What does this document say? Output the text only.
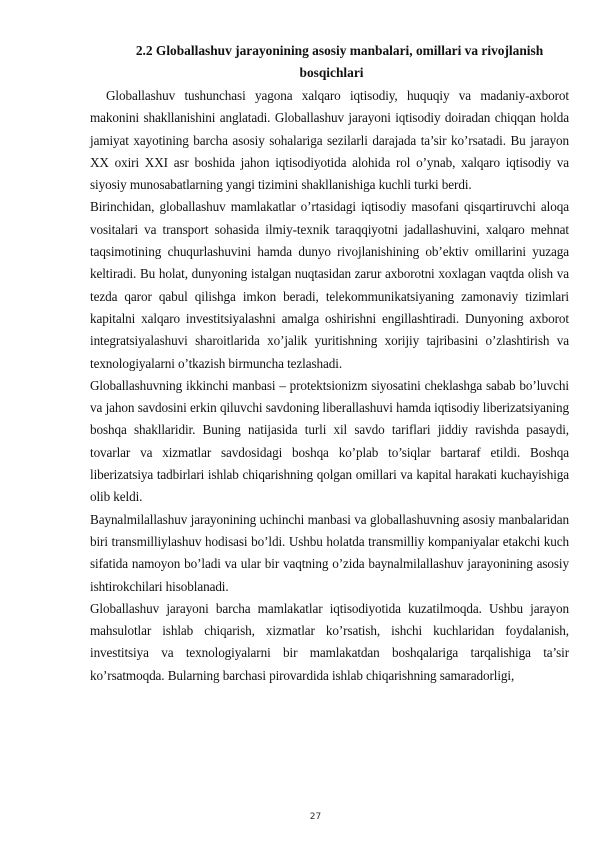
2.2 Globallashuv jarayonining asosiy manbalari, omillari va rivojlanish
bosqichlari

Globallashuv tushunchasi yagona xalqaro iqtisodiy, huquqiy va madaniy-axborot makonini shakllanishini anglatadi. Globallashuv jarayoni iqtisodiy doiradan chiqqan holda jamiyat xayotining barcha asosiy sohalariga sezilarli darajada ta’sir ko’rsatadi. Bu jarayon XX oxiri XXI asr boshida jahon iqtisodiyotida alohida rol o’ynab, xalqaro iqtisodiy va siyosiy munosabatlarning yangi tizimini shakllanishiga kuchli turki berdi.

Birinchidan, globallashuv mamlakatlar o’rtasidagi iqtisodiy masofani qisqartiruvchi aloqa vositalari va transport sohasida ilmiy-texnik taraqqiyotni jadallashuvini, xalqaro mehnat taqsimotining chuqurlashuvini hamda dunyo rivojlanishining ob’ektiv omillarini yuzaga keltiradi. Bu holat, dunyoning istalgan nuqtasidan zarur axborotni xoxlagan vaqtda olish va tezda qaror qabul qilishga imkon beradi, telekommunikatsiyaning zamonaviy tizimlari kapitalni xalqaro investitsiyalashni amalga oshirishni engillashtiradi. Dunyoning axborot integratsiyalashuvi sharoitlarida xo’jalik yuritishning xorijiy tajribasini o’zlashtirish va texnologiyalarni o’tkazish birmuncha tezlashadi.

Globallashuvning ikkinchi manbasi – protektsionizm siyosatini cheklashga sabab bo’luvchi va jahon savdosini erkin qiluvchi savdoning liberallashuvi hamda iqtisodiy liberizatsiyaning boshqa shakllaridir. Buning natijasida turli xil savdo tariflari jiddiy ravishda pasaydi, tovarlar va xizmatlar savdosidagi boshqa ko’plab to’siqlar bartaraf etildi. Boshqa liberizatsiya tadbirlari ishlab chiqarishning qolgan omillari va kapital harakati kuchayishiga olib keldi.

Baynalmilallashuv jarayonining uchinchi manbasi va globallashuvning asosiy manbalaridan biri transmilliylashuv hodisasi bo’ldi. Ushbu holatda transmilliy kompaniyalar etakchi kuch sifatida namoyon bo’ladi va ular bir vaqtning o’zida baynalmilallashuv jarayonining asosiy ishtirokchilari hisoblanadi.

Globallashuv jarayoni barcha mamlakatlar iqtisodiyotida kuzatilmoqda. Ushbu jarayon mahsulotlar ishlab chiqarish, xizmatlar ko’rsatish, ishchi kuchlaridan foydalanish, investitsiya va texnologiyalarni bir mamlakatdan boshqalariga tarqalishiga ta’sir ko’rsatmoqda. Bularning barchasi pirovardida ishlab chiqarishning samaradorligi,

27
